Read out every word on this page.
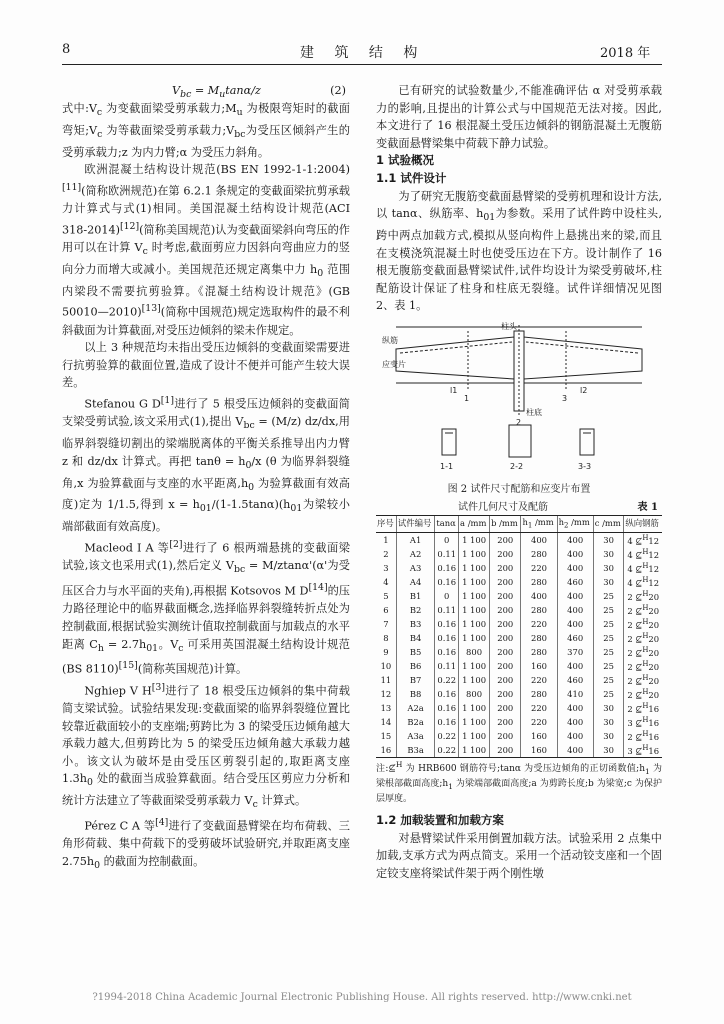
8	建 筑 结 构	2018 年
$V_{bc} = M_u\tan\alpha/z$	(2)

式中$:V_c$ 为变截面梁受剪承载力$;M_u$ 为极限弯矩时的截面弯矩$;V_c$ 为等截面梁受剪承载力$;V_{bc}$为受压区倾斜产生的受剪承载力;z 为内力臂;α 为受压力斜角。

欧洲混凝土结构设计规范(BS EN 1992-1-1:2004)[11](简称欧洲规范)在第 6.2.1 条规定的变截面梁抗剪承载力计算式与式(1)相同。美国混凝土结构设计规范(ACI 318-2014)[12](简称美国规范)认为变截面梁斜向弯压的作用可以在计算 $V_c$ 时考虑,截面剪应力因斜向弯曲应力的竖向分力而增大或减小。美国规范还规定离集中力 $h_0$ 范围内梁段不需要抗剪验算。《混凝土结构设计规范》(GB 50010—2010)[13](简称中国规范)规定选取构件的最不利斜截面为计算截面,对受压边倾斜的梁未作规定。

以上 3 种规范均未指出受压边倾斜的变截面梁需要进行抗剪验算的截面位置,造成了设计不便并可能产生较大误差。

Stefanou G D[1]进行了 5 根受压边倾斜的变截面简支梁受剪试验,该文采用式(1),提出 $V_{bc} = (M/z)$ dz/dx,用临界斜裂缝切割出的梁端脱离体的平衡关系推导出内力臂 z 和 dz/dx 计算式。再把 $\tan\theta = h_0/x$ (θ 为临界斜裂缝角,x 为验算截面与支座的水平距离$,h_0$ 为验算截面有效高度)定为 1/1.5,得到 $x = h_{01}/(1-1.5\tan\alpha)(h_{01}$为梁较小端部截面有效高度)。

Macleod I A 等[2]进行了 6 根两端悬挑的变截面梁试验,该文也采用式(1),然后定义 $V_{bc} = M/ztan\alpha'(\alpha'$为受压区合力与水平面的夹角),再根据 Kotsovos M D[14]的压力路径理论中的临界截面概念,选择临界斜裂缝转折点处为控制截面,根据试验实测统计值取控制截面与加载点的水平距离 $C_h = 2.7h_{01}$。$V_c$ 可采用英国混凝土结构设计规范(BS 8110)[15](简称英国规范)计算。

Nghiep V H[3]进行了 18 根受压边倾斜的集中荷载简支梁试验。试验结果发现:变截面梁的临界斜裂缝位置比较靠近截面较小的支座端;剪跨比为 3 的梁受压边倾角越大承载力越大,但剪跨比为 5 的梁受压边倾角越大承载力越小。该文认为破坏是由受压区剪裂引起的,取距离支座 $1.3h_0$ 处的截面当成验算截面。结合受压区剪应力分析和统计方法建立了等截面梁受剪承载力 $V_c$ 计算式。

Pérez C A 等[4]进行了变截面悬臂梁在均布荷载、三角形荷载、集中荷载下的受剪破坏试验研究,并取距离支座 $2.75h_0$ 的截面为控制截面。

已有研究的试验数量少,不能准确评估 α 对受剪承载力的影响,且提出的计算公式与中国规范无法对接。因此,本文进行了 16 根混凝土受压边倾斜的钢筋混凝土无腹筋变截面悬臂梁集中荷载下静力试验。

1 试验概况

1.1 试件设计

为了研究无腹筋变截面悬臂梁的受剪机理和设计方法,以 tanα、纵筋率、$h_{01}$为参数。采用了试件跨中设柱头,跨中两点加载方式,模拟从竖向构件上悬挑出来的梁,而且在支模浇筑混凝土时也使受压边在下方。设计制作了 16 根无腹筋变截面悬臂梁试件,试件均设计为梁受剪破坏,柱配筋设计保证了柱身和柱底无裂缝。试件详细情况见图 2、表 1。

纵筋
应变片
1
2
3
l1	l2
柱头
柱底
1-1	2-2	3-3

图 2 试件尺寸配筋和应变片布置

试件几何尺寸及配筋	表 1
序号	试件编号	tanα	a /mm	b /mm	$h_1$ /mm	$h_2$ /mm	c /mm	纵向钢筋
1	A1	0	1 100	200	400	400	30	4 ⊈$^H$12
2	A2	0.11	1 100	200	280	400	30	4 ⊈$^H$12
3	A3	0.16	1 100	200	220	400	30	4 ⊈$^H$12
4	A4	0.16	1 100	200	280	460	30	4 ⊈$^H$12
5	B1	0	1 100	200	400	400	25	2 ⊈$^H$20
6	B2	0.11	1 100	200	280	400	25	2 ⊈$^H$20
7	B3	0.16	1 100	200	220	400	25	2 ⊈$^H$20
8	B4	0.16	1 100	200	280	460	25	2 ⊈$^H$20
9	B5	0.16	800	200	280	370	25	2 ⊈$^H$20
10	B6	0.11	1 100	200	160	400	25	2 ⊈$^H$20
11	B7	0.22	1 100	200	220	460	25	2 ⊈$^H$20
12	B8	0.16	800	200	280	410	25	2 ⊈$^H$20
13	A2a	0.16	1 100	200	220	400	30	2 ⊈$^H$16
14	B2a	0.16	1 100	200	220	400	30	3 ⊈$^H$16
15	A3a	0.22	1 100	200	160	400	30	2 ⊈$^H$16
16	B3a	0.22	1 100	200	160	400	30	3 ⊈$^H$16

注:⊈$^H$ 为 HRB600 钢筋符号;tanα 为受压边倾角的正切函数值$;h_1$ 为梁根部截面高度$;h_1$ 为梁端部截面高度;a 为剪跨长度;b 为梁宽;c 为保护层厚度。

1.2 加载装置和加载方案

对悬臂梁试件采用倒置加载方法。试验采用 2 点集中加载,支承方式为两点简支。采用一个活动铰支座和一个固定铰支座将梁试件架于两个刚性墩

?1994-2018 China Academic Journal Electronic Publishing House. All rights reserved. http://www.cnki.net
